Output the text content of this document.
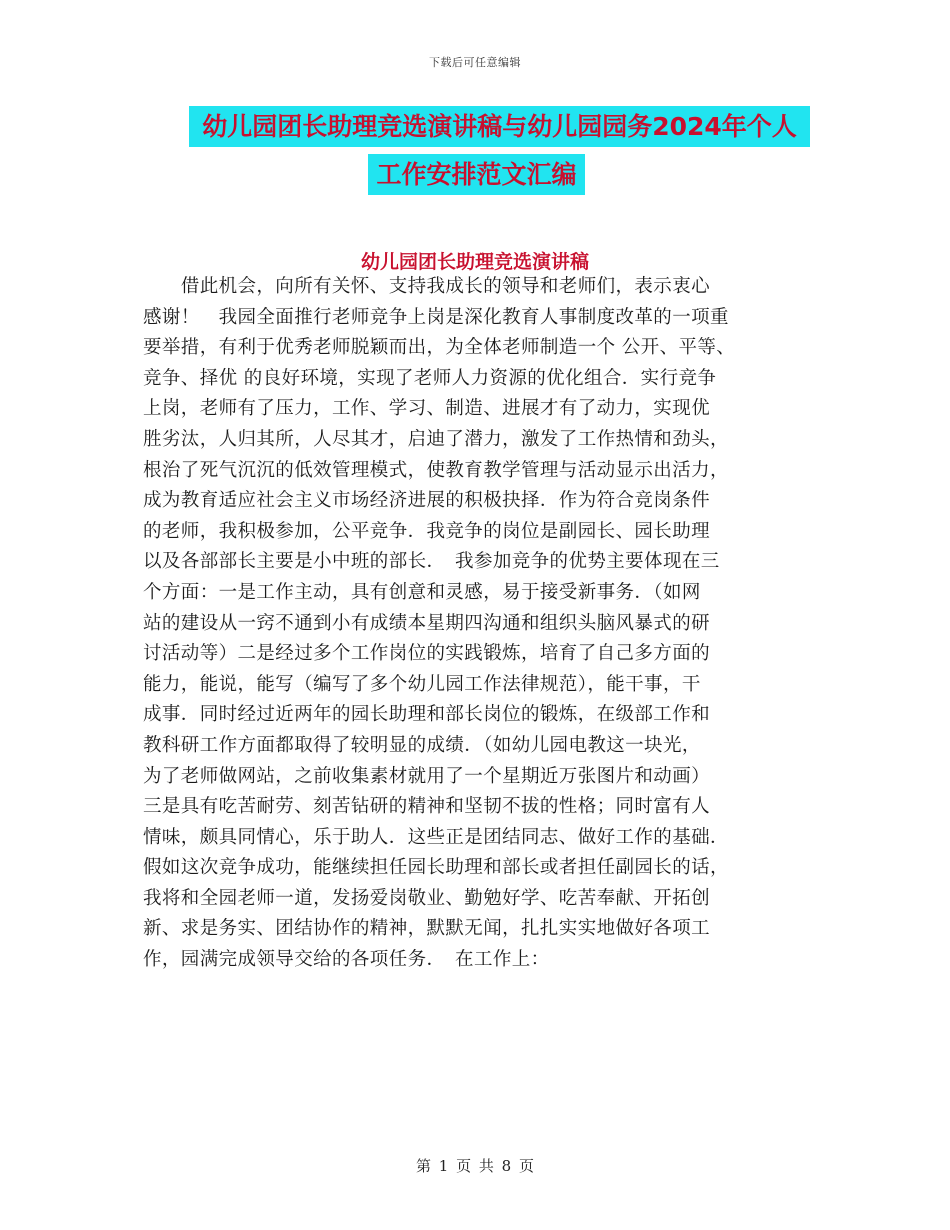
下载后可任意编辑
幼儿园团长助理竞选演讲稿与幼儿园园务2024年个人
工作安排范文汇编
幼儿园团长助理竞选演讲稿
　　借此机会，向所有关怀、支持我成长的领导和老师们，表示衷心
感谢！　我园全面推行老师竞争上岗是深化教育人事制度改革的一项重
要举措，有利于优秀老师脱颖而出，为全体老师制造一个 公开、平等、
竞争、择优 的良好环境，实现了老师人力资源的优化组合．实行竞争
上岗，老师有了压力，工作、学习、制造、进展才有了动力，实现优
胜劣汰，人归其所，人尽其才，启迪了潜力，激发了工作热情和劲头，
根治了死气沉沉的低效管理模式，使教育教学管理与活动显示出活力，
成为教育适应社会主义市场经济进展的积极抉择．作为符合竞岗条件
的老师，我积极参加，公平竞争．我竞争的岗位是副园长、园长助理
以及各部部长主要是小中班的部长．　我参加竞争的优势主要体现在三
个方面：一是工作主动，具有创意和灵感，易于接受新事务．（如网
站的建设从一窍不通到小有成绩本星期四沟通和组织头脑风暴式的研
讨活动等）二是经过多个工作岗位的实践锻炼，培育了自己多方面的
能力，能说，能写（编写了多个幼儿园工作法律规范），能干事，干
成事．同时经过近两年的园长助理和部长岗位的锻炼，在级部工作和
教科研工作方面都取得了较明显的成绩．（如幼儿园电教这一块光，
为了老师做网站，之前收集素材就用了一个星期近万张图片和动画）
三是具有吃苦耐劳、刻苦钻研的精神和坚韧不拔的性格；同时富有人
情味，颇具同情心，乐于助人．这些正是团结同志、做好工作的基础．
假如这次竞争成功，能继续担任园长助理和部长或者担任副园长的话，
我将和全园老师一道，发扬爱岗敬业、勤勉好学、吃苦奉献、开拓创
新、求是务实、团结协作的精神，默默无闻，扎扎实实地做好各项工
作，园满完成领导交给的各项任务．　在工作上：
第 1 页 共 8 页
